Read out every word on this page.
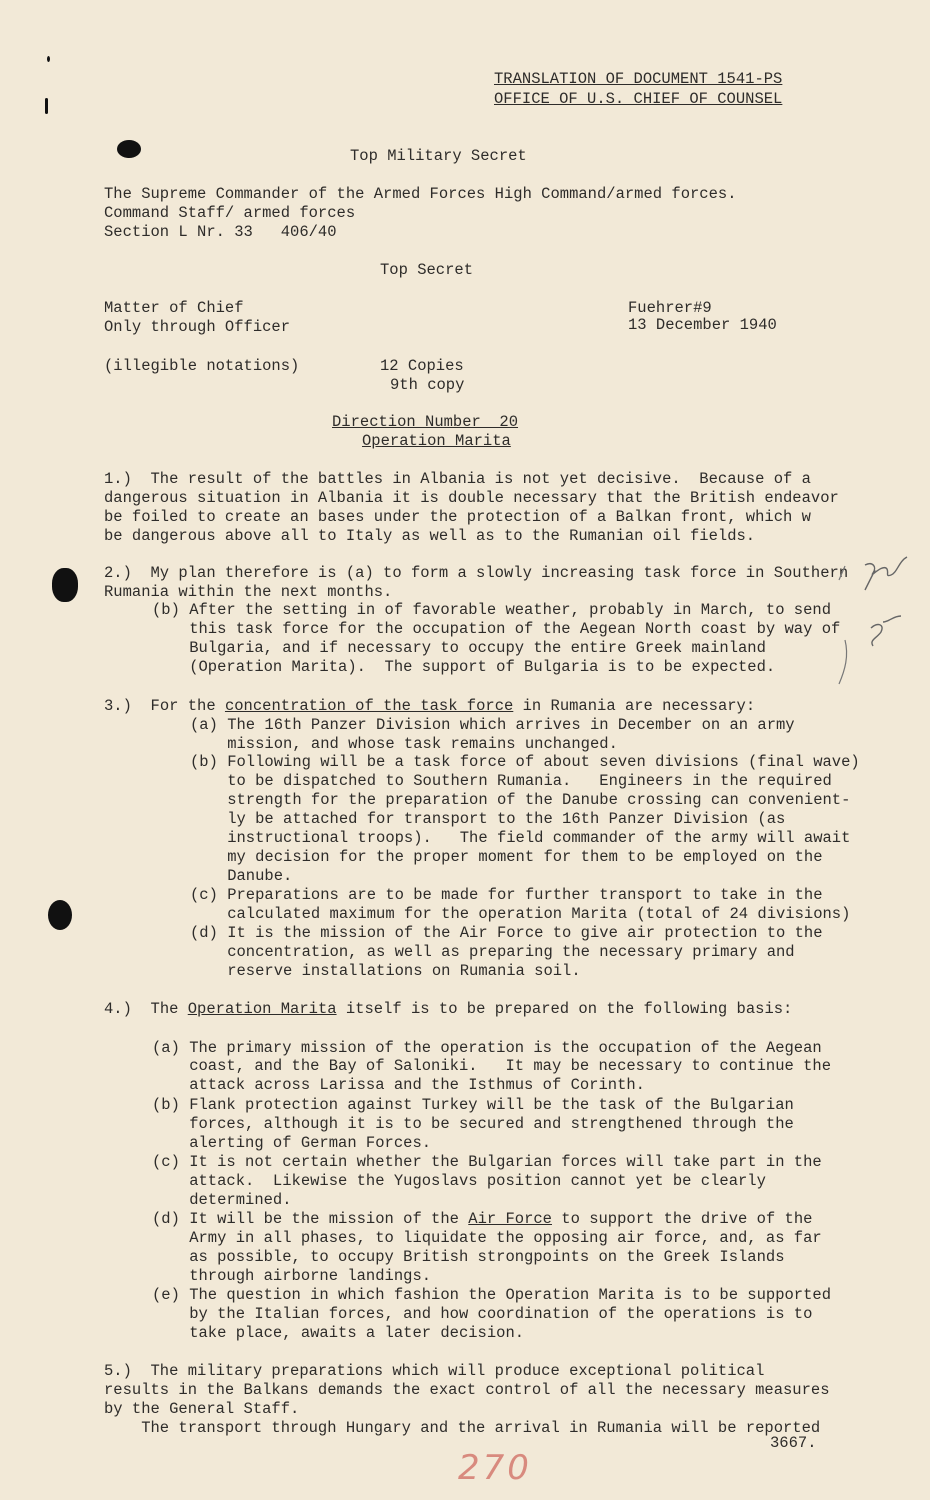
TRANSLATION OF DOCUMENT 1541-PS
OFFICE OF U.S. CHIEF OF COUNSEL
Top Military Secret
The Supreme Commander of the Armed Forces High Command/armed forces.
Command Staff/ armed forces
Section L Nr. 33   406/40
Top Secret
Matter of Chief
Only through Officer
Fuehrer#9
13 December 1940
(illegible notations)	12 Copies
9th copy
Direction Number  20
Operation Marita
1.)  The result of the battles in Albania is not yet decisive.  Because of a
dangerous situation in Albania it is double necessary that the British endeavor
be foiled to create an bases under the protection of a Balkan front, which w
be dangerous above all to Italy as well as to the Rumanian oil fields.
2.)  My plan therefore is (a) to form a slowly increasing task force in Southern
Rumania within the next months.
(b) After the setting in of favorable weather, probably in March, to send
this task force for the occupation of the Aegean North coast by way of
Bulgaria, and if necessary to occupy the entire Greek mainland
(Operation Marita).  The support of Bulgaria is to be expected.
3.) For the concentration of the task force in Rumania are necessary:
(a) The 16th Panzer Division which arrives in December on an army
mission, and whose task remains unchanged.
(b) Following will be a task force of about seven divisions (final wave)
to be dispatched to Southern Rumania.   Engineers in the required
strength for the preparation of the Danube crossing can convenient-
ly be attached for transport to the 16th Panzer Division (as
instructional troops).   The field commander of the army will await
my decision for the proper moment for them to be employed on the
Danube.
(c) Preparations are to be made for further transport to take in the
calculated maximum for the operation Marita (total of 24 divisions)
(d) It is the mission of the Air Force to give air protection to the
concentration, as well as preparing the necessary primary and
reserve installations on Rumania soil.
4.) The Operation Marita itself is to be prepared on the following basis:
(a) The primary mission of the operation is the occupation of the Aegean
coast, and the Bay of Saloniki.   It may be necessary to continue the
attack across Larissa and the Isthmus of Corinth.
(b) Flank protection against Turkey will be the task of the Bulgarian
forces, although it is to be secured and strengthened through the
alerting of German Forces.
(c) It is not certain whether the Bulgarian forces will take part in the
attack.  Likewise the Yugoslavs position cannot yet be clearly
determined.
(d) It will be the mission of the Air Force to support the drive of the
Army in all phases, to liquidate the opposing air force, and, as far
as possible, to occupy British strongpoints on the Greek Islands
through airborne landings.
(e) The question in which fashion the Operation Marita is to be supported
by the Italian forces, and how coordination of the operations is to
take place, awaits a later decision.
5.)  The military preparations which will produce exceptional political
results in the Balkans demands the exact control of all the necessary measures
by the General Staff.
The transport through Hungary and the arrival in Rumania will be reported
3667.
270
